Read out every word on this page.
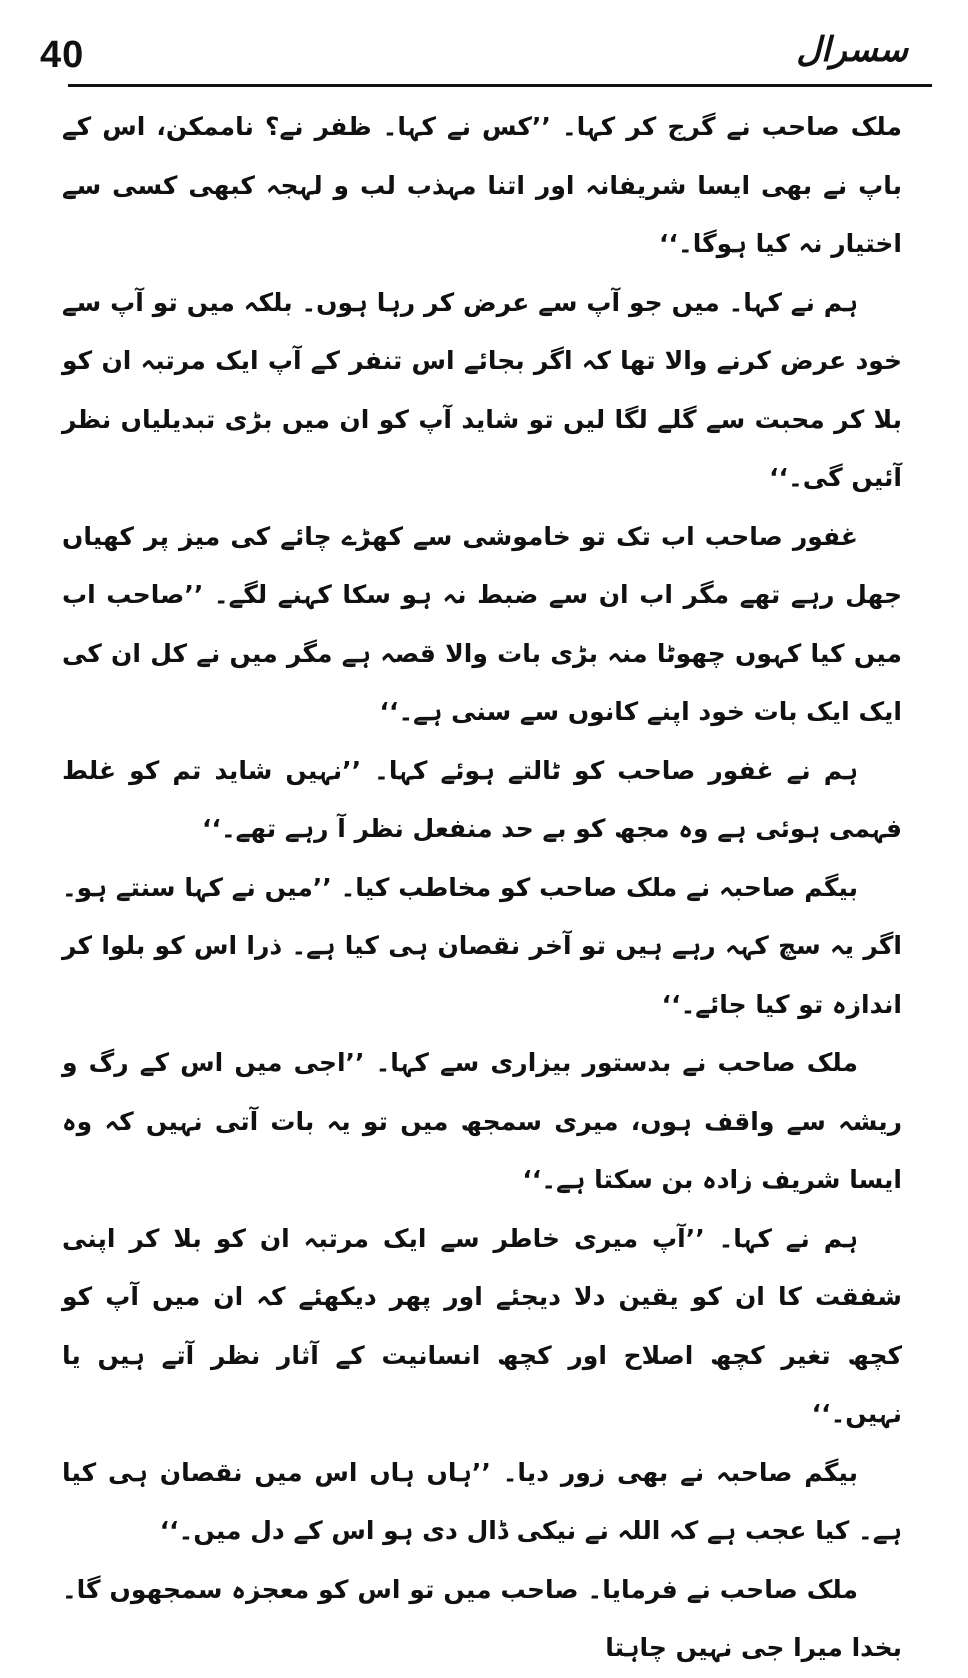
40	سسرال

ملک صاحب نے گرج کر کہا۔ ’’کس نے کہا۔ ظفر نے؟ ناممکن، اس کے باپ نے بھی ایسا شریفانہ اور اتنا مہذب لب و لہجہ کبھی کسی سے اختیار نہ کیا ہوگا۔‘‘

ہم نے کہا۔ میں جو آپ سے عرض کر رہا ہوں۔ بلکہ میں تو آپ سے خود عرض کرنے والا تھا کہ اگر بجائے اس تنفر کے آپ ایک مرتبہ ان کو بلا کر محبت سے گلے لگا لیں تو شاید آپ کو ان میں بڑی تبدیلیاں نظر آئیں گی۔‘‘

غفور صاحب اب تک تو خاموشی سے کھڑے چائے کی میز پر کھیاں جھل رہے تھے مگر اب ان سے ضبط نہ ہو سکا کہنے لگے۔ ’’صاحب اب میں کیا کہوں چھوٹا منہ بڑی بات والا قصہ ہے مگر میں نے کل ان کی ایک ایک بات خود اپنے کانوں سے سنی ہے۔‘‘

ہم نے غفور صاحب کو ٹالتے ہوئے کہا۔ ’’نہیں شاید تم کو غلط فہمی ہوئی ہے وہ مجھ کو بے حد منفعل نظر آ رہے تھے۔‘‘

بیگم صاحبہ نے ملک صاحب کو مخاطب کیا۔ ’’میں نے کہا سنتے ہو۔ اگر یہ سچ کہہ رہے ہیں تو آخر نقصان ہی کیا ہے۔ ذرا اس کو بلوا کر اندازہ تو کیا جائے۔‘‘

ملک صاحب نے بدستور بیزاری سے کہا۔ ’’اجی میں اس کے رگ و ریشہ سے واقف ہوں، میری سمجھ میں تو یہ بات آتی نہیں کہ وہ ایسا شریف زادہ بن سکتا ہے۔‘‘

ہم نے کہا۔ ’’آپ میری خاطر سے ایک مرتبہ ان کو بلا کر اپنی شفقت کا ان کو یقین دلا دیجئے اور پھر دیکھئے کہ ان میں آپ کو کچھ تغیر کچھ اصلاح اور کچھ انسانیت کے آثار نظر آتے ہیں یا نہیں۔‘‘

بیگم صاحبہ نے بھی زور دیا۔ ’’ہاں ہاں اس میں نقصان ہی کیا ہے۔ کیا عجب ہے کہ اللہ نے نیکی ڈال دی ہو اس کے دل میں۔‘‘

ملک صاحب نے فرمایا۔ صاحب میں تو اس کو معجزہ سمجھوں گا۔ بخدا میرا جی نہیں چاہتا
